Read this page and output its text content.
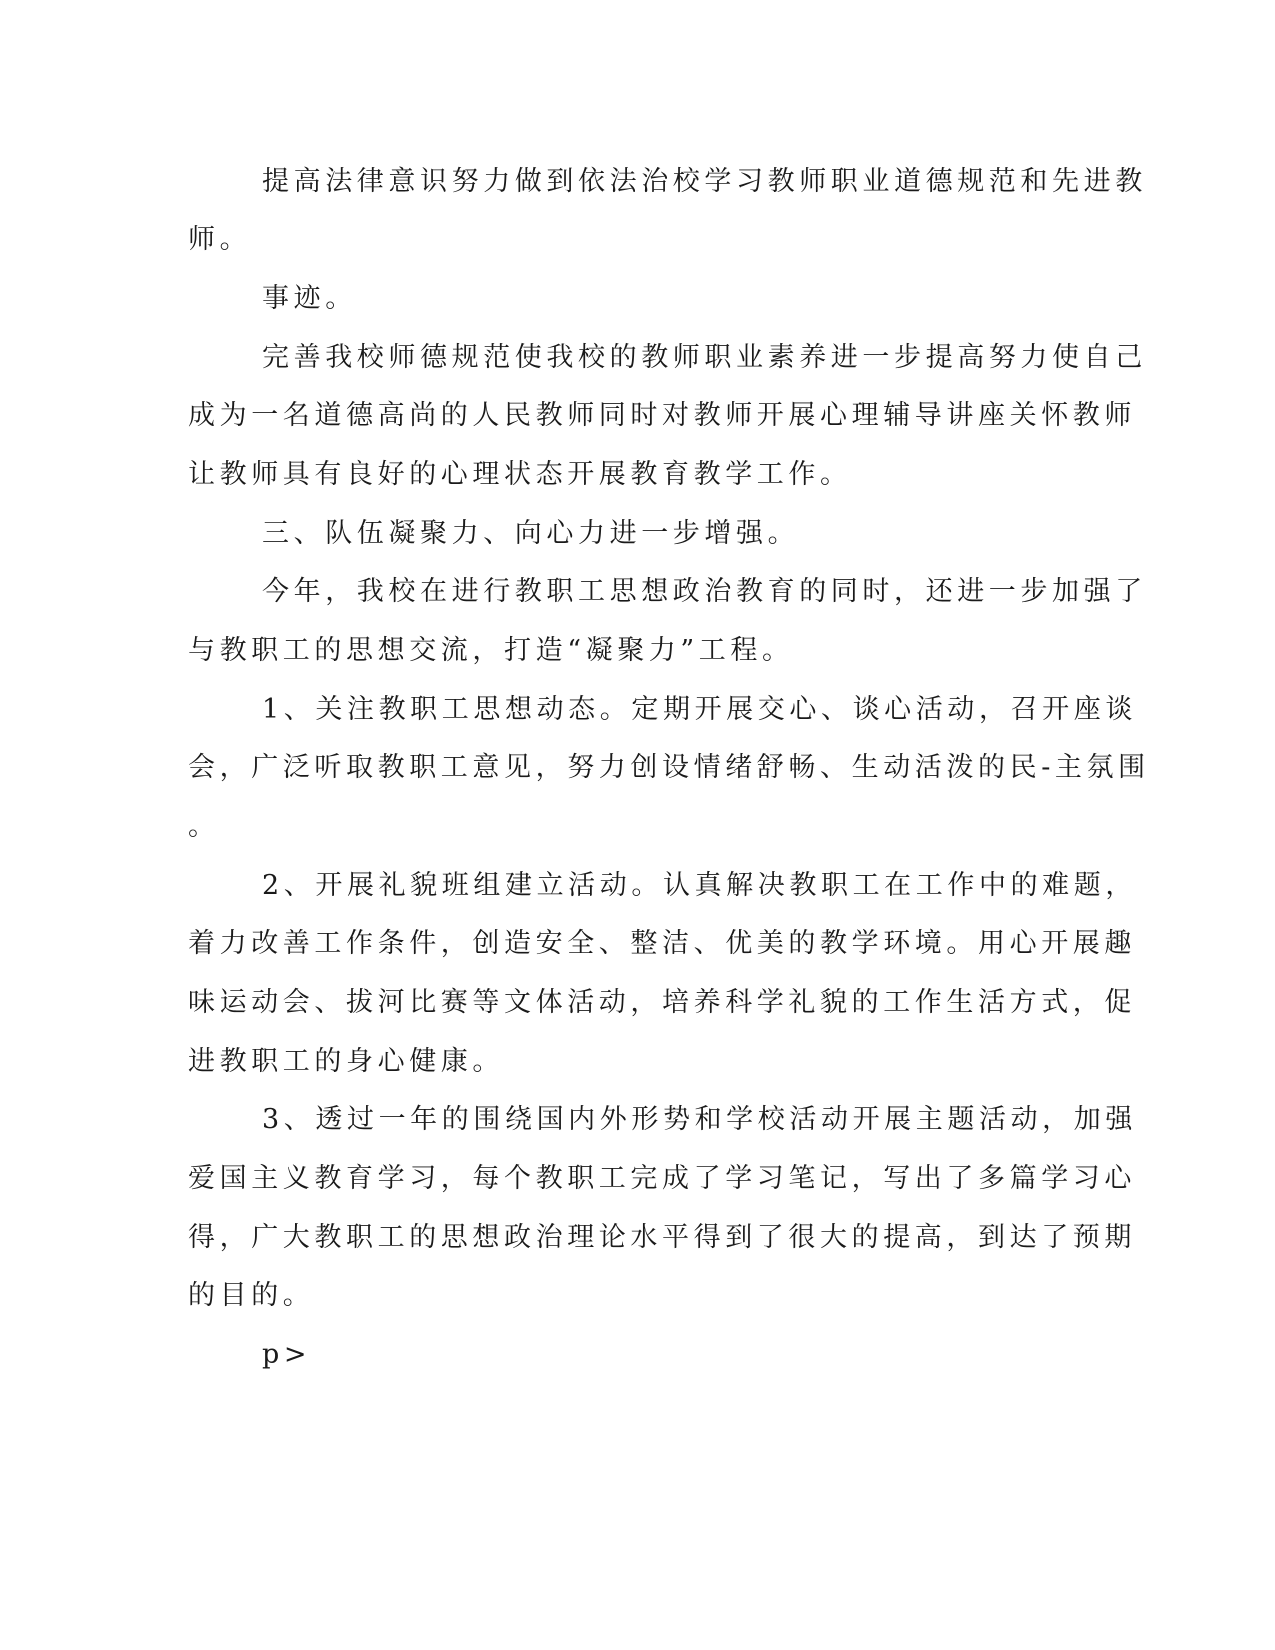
提高法律意识努力做到依法治校学习教师职业道德规范和先进教
师。
事迹。
完善我校师德规范使我校的教师职业素养进一步提高努力使自己
成为一名道德高尚的人民教师同时对教师开展心理辅导讲座关怀教师
让教师具有良好的心理状态开展教育教学工作。
三、队伍凝聚力、向心力进一步增强。
今年，我校在进行教职工思想政治教育的同时，还进一步加强了
与教职工的思想交流，打造“凝聚力”工程。
1、关注教职工思想动态。定期开展交心、谈心活动，召开座谈
会，广泛听取教职工意见，努力创设情绪舒畅、生动活泼的民-主氛围
。
2、开展礼貌班组建立活动。认真解决教职工在工作中的难题，
着力改善工作条件，创造安全、整洁、优美的教学环境。用心开展趣
味运动会、拔河比赛等文体活动，培养科学礼貌的工作生活方式，促
进教职工的身心健康。
3、透过一年的围绕国内外形势和学校活动开展主题活动，加强
爱国主义教育学习，每个教职工完成了学习笔记，写出了多篇学习心
得，广大教职工的思想政治理论水平得到了很大的提高，到达了预期
的目的。
p>
